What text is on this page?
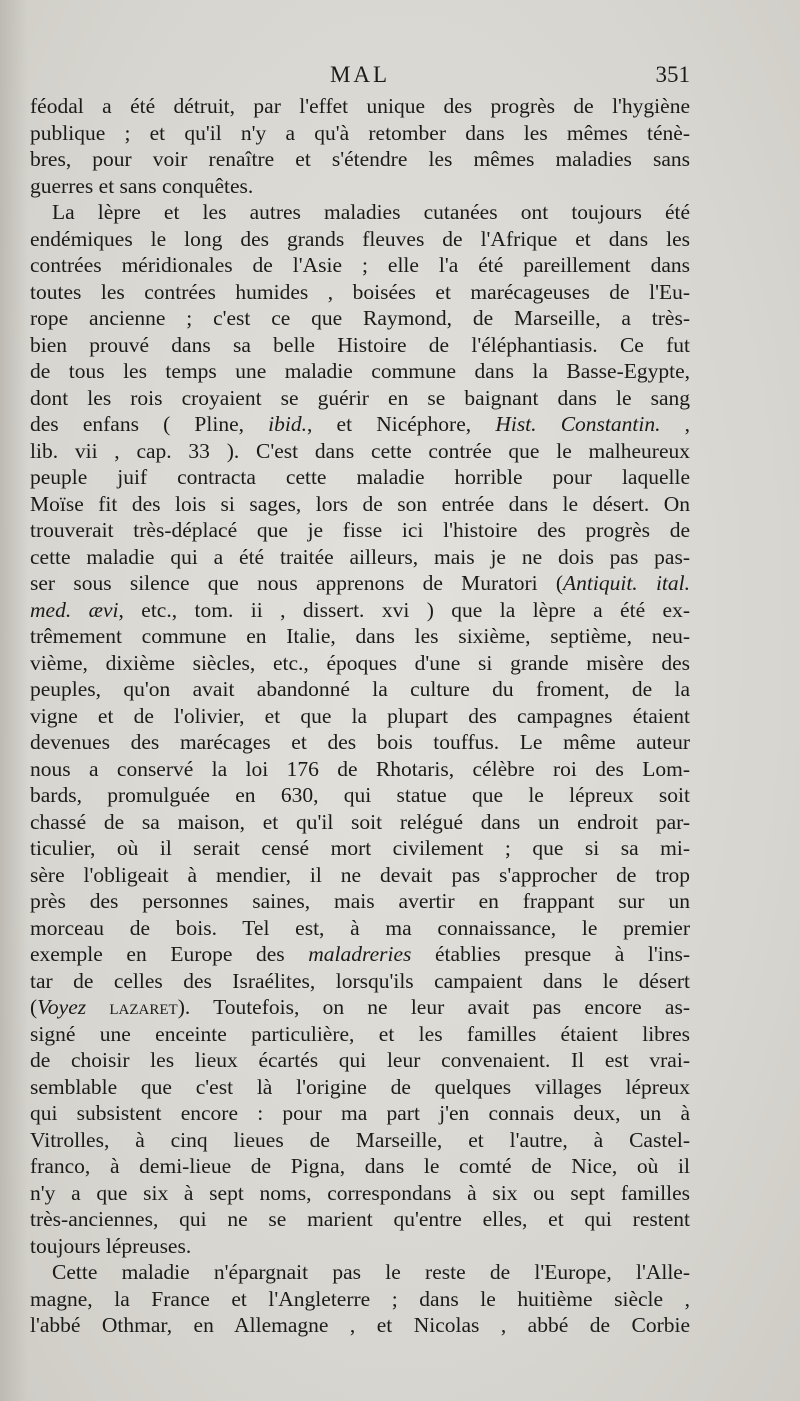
MAL	351
féodal a été détruit, par l'effet unique des progrès de l'hygiène
publique ; et qu'il n'y a qu'à retomber dans les mêmes ténè-
bres, pour voir renaître et s'étendre les mêmes maladies sans
guerres et sans conquêtes.
La lèpre et les autres maladies cutanées ont toujours été
endémiques le long des grands fleuves de l'Afrique et dans les
contrées méridionales de l'Asie ; elle l'a été pareillement dans
toutes les contrées humides , boisées et marécageuses de l'Eu-
rope ancienne ; c'est ce que Raymond, de Marseille, a très-
bien prouvé dans sa belle Histoire de l'éléphantiasis. Ce fut
de tous les temps une maladie commune dans la Basse-Egypte,
dont les rois croyaient se guérir en se baignant dans le sang
des enfans ( Pline, ibid., et Nicéphore, Hist. Constantin. ,
lib. vii , cap. 33 ). C'est dans cette contrée que le malheureux
peuple juif contracta cette maladie horrible pour laquelle
Moïse fit des lois si sages, lors de son entrée dans le désert. On
trouverait très-déplacé que je fisse ici l'histoire des progrès de
cette maladie qui a été traitée ailleurs, mais je ne dois pas pas-
ser sous silence que nous apprenons de Muratori (Antiquit. ital.
med. ævi, etc., tom. ii , dissert. xvi ) que la lèpre a été ex-
trêmement commune en Italie, dans les sixième, septième, neu-
vième, dixième siècles, etc., époques d'une si grande misère des
peuples, qu'on avait abandonné la culture du froment, de la
vigne et de l'olivier, et que la plupart des campagnes étaient
devenues des marécages et des bois touffus. Le même auteur
nous a conservé la loi 176 de Rhotaris, célèbre roi des Lom-
bards, promulguée en 630, qui statue que le lépreux soit
chassé de sa maison, et qu'il soit relégué dans un endroit par-
ticulier, où il serait censé mort civilement ; que si sa mi-
sère l'obligeait à mendier, il ne devait pas s'approcher de trop
près des personnes saines, mais avertir en frappant sur un
morceau de bois. Tel est, à ma connaissance, le premier
exemple en Europe des maladreries établies presque à l'ins-
tar de celles des Israélites, lorsqu'ils campaient dans le désert
(Voyez lazaret). Toutefois, on ne leur avait pas encore as-
signé une enceinte particulière, et les familles étaient libres
de choisir les lieux écartés qui leur convenaient. Il est vrai-
semblable que c'est là l'origine de quelques villages lépreux
qui subsistent encore : pour ma part j'en connais deux, un à
Vitrolles, à cinq lieues de Marseille, et l'autre, à Castel-
franco, à demi-lieue de Pigna, dans le comté de Nice, où il
n'y a que six à sept noms, correspondans à six ou sept familles
très-anciennes, qui ne se marient qu'entre elles, et qui restent
toujours lépreuses.
Cette maladie n'épargnait pas le reste de l'Europe, l'Alle-
magne, la France et l'Angleterre ; dans le huitième siècle ,
l'abbé Othmar, en Allemagne , et Nicolas , abbé de Corbie
